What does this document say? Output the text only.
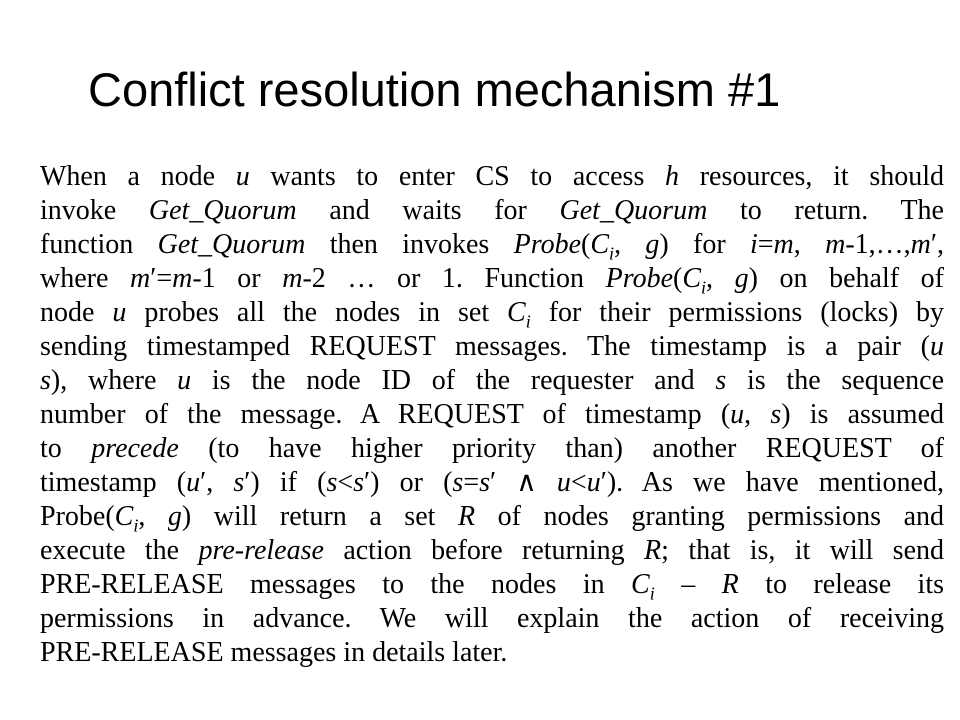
Conflict resolution mechanism #1
When a node u wants to enter CS to access h resources, it should
invoke Get_Quorum and waits for Get_Quorum to return. The
function Get_Quorum then invokes $Probe(C_i$, g) for i=m, m-1,…,m′,
where m′=m-1 or m-2 … or 1. Function $Probe(C_i$, g) on behalf of
node u probes all the nodes in set $C_i$ for their permissions (locks) by
sending timestamped REQUEST messages. The timestamp is a pair (u
s), where u is the node ID of the requester and s is the sequence
number of the message. A REQUEST of timestamp (u, s) is assumed
to precede (to have higher priority than) another REQUEST of
timestamp (u′, s′) if (s<s′) or (s=s′ ∧ u<u′). As we have mentioned,
$Probe(C_i$, g) will return a set R of nodes granting permissions and
execute the pre-release action before returning R; that is, it will send
PRE-RELEASE messages to the nodes in $C_i$ – R to release its
permissions in advance. We will explain the action of receiving
PRE-RELEASE messages in details later.
